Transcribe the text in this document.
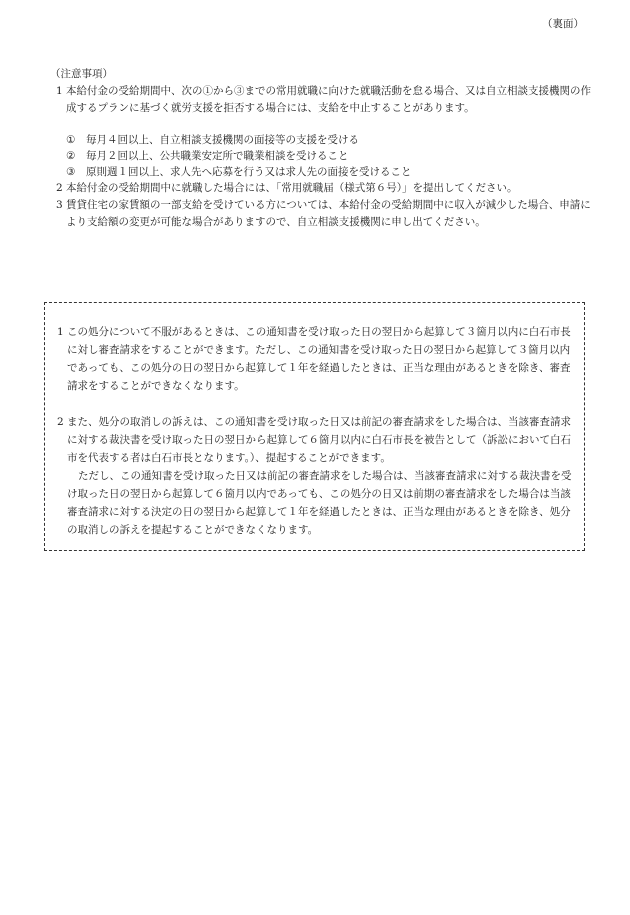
（裏面）
（注意事項）
1 本給付金の受給期間中、次の①から③までの常用就職に向けた就職活動を怠る場合、又は自立相談支援機関の作成するプランに基づく就労支援を拒否する場合には、支給を中止することがあります。
① 毎月４回以上、自立相談支援機関の面接等の支援を受ける
② 毎月２回以上、公共職業安定所で職業相談を受けること
③ 原則週１回以上、求人先へ応募を行う又は求人先の面接を受けること
2 本給付金の受給期間中に就職した場合には、「常用就職届（様式第６号）」を提出してください。
3 賃貸住宅の家賃額の一部支給を受けている方については、本給付金の受給期間中に収入が減少した場合、申請により支給額の変更が可能な場合がありますので、自立相談支援機関に申し出てください。
1 この処分について不服があるときは、この通知書を受け取った日の翌日から起算して３箇月以内に白石市長に対し審査請求をすることができます。ただし、この通知書を受け取った日の翌日から起算して３箇月以内であっても、この処分の日の翌日から起算して１年を経過したときは、正当な理由があるときを除き、審査請求をすることができなくなります。
2 また、処分の取消しの訴えは、この通知書を受け取った日又は前記の審査請求をした場合は、当該審査請求に対する裁決書を受け取った日の翌日から起算して６箇月以内に白石市長を被告として（訴訟において白石市を代表する者は白石市長となります。）、提起することができます。

ただし、この通知書を受け取った日又は前記の審査請求をした場合は、当該審査請求に対する裁決書を受け取った日の翌日から起算して６箇月以内であっても、この処分の日又は前期の審査請求をした場合は当該審査請求に対する決定の日の翌日から起算して１年を経過したときは、正当な理由があるときを除き、処分の取消しの訴えを提起することができなくなります。
